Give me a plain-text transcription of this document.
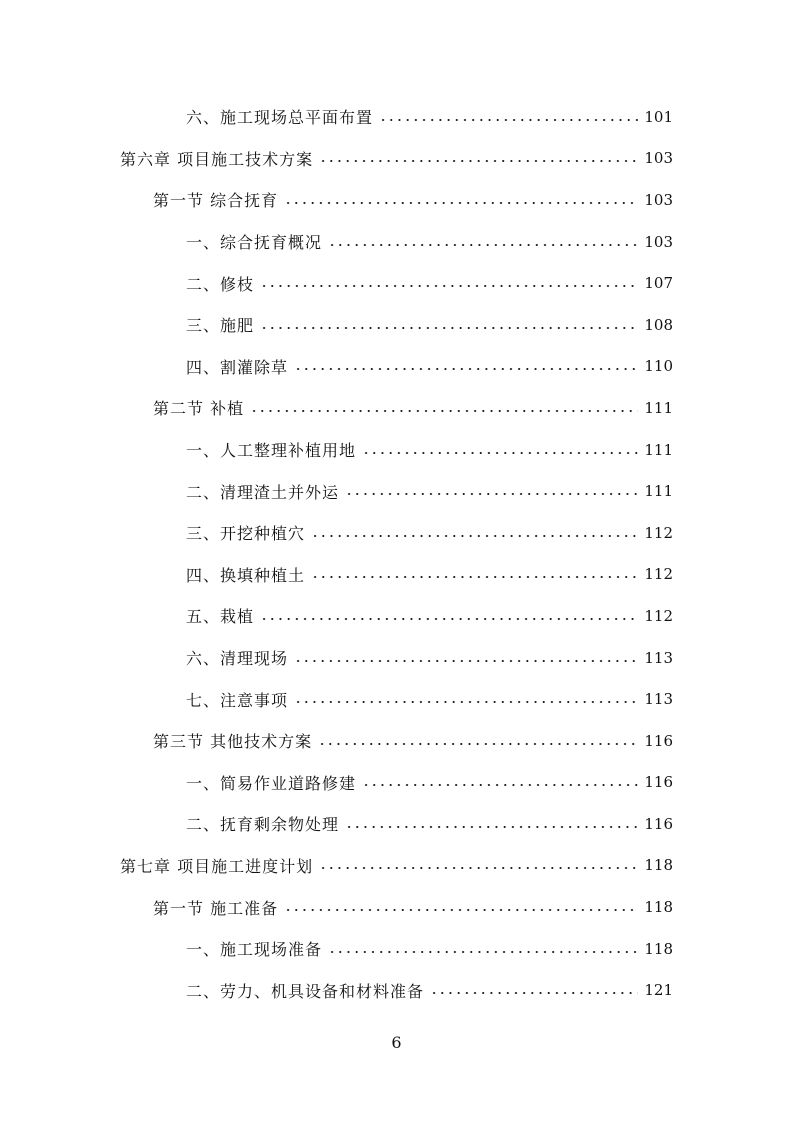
六、施工现场总平面布置	101
第六章 项目施工技术方案	103
第一节 综合抚育	103
一、综合抚育概况	103
二、修枝	107
三、施肥	108
四、割灌除草	110
第二节 补植	111
一、人工整理补植用地	111
二、清理渣土并外运	111
三、开挖种植穴	112
四、换填种植土	112
五、栽植	112
六、清理现场	113
七、注意事项	113
第三节 其他技术方案	116
一、简易作业道路修建	116
二、抚育剩余物处理	116
第七章 项目施工进度计划	118
第一节 施工准备	118
一、施工现场准备	118
二、劳力、机具设备和材料准备	121
6
